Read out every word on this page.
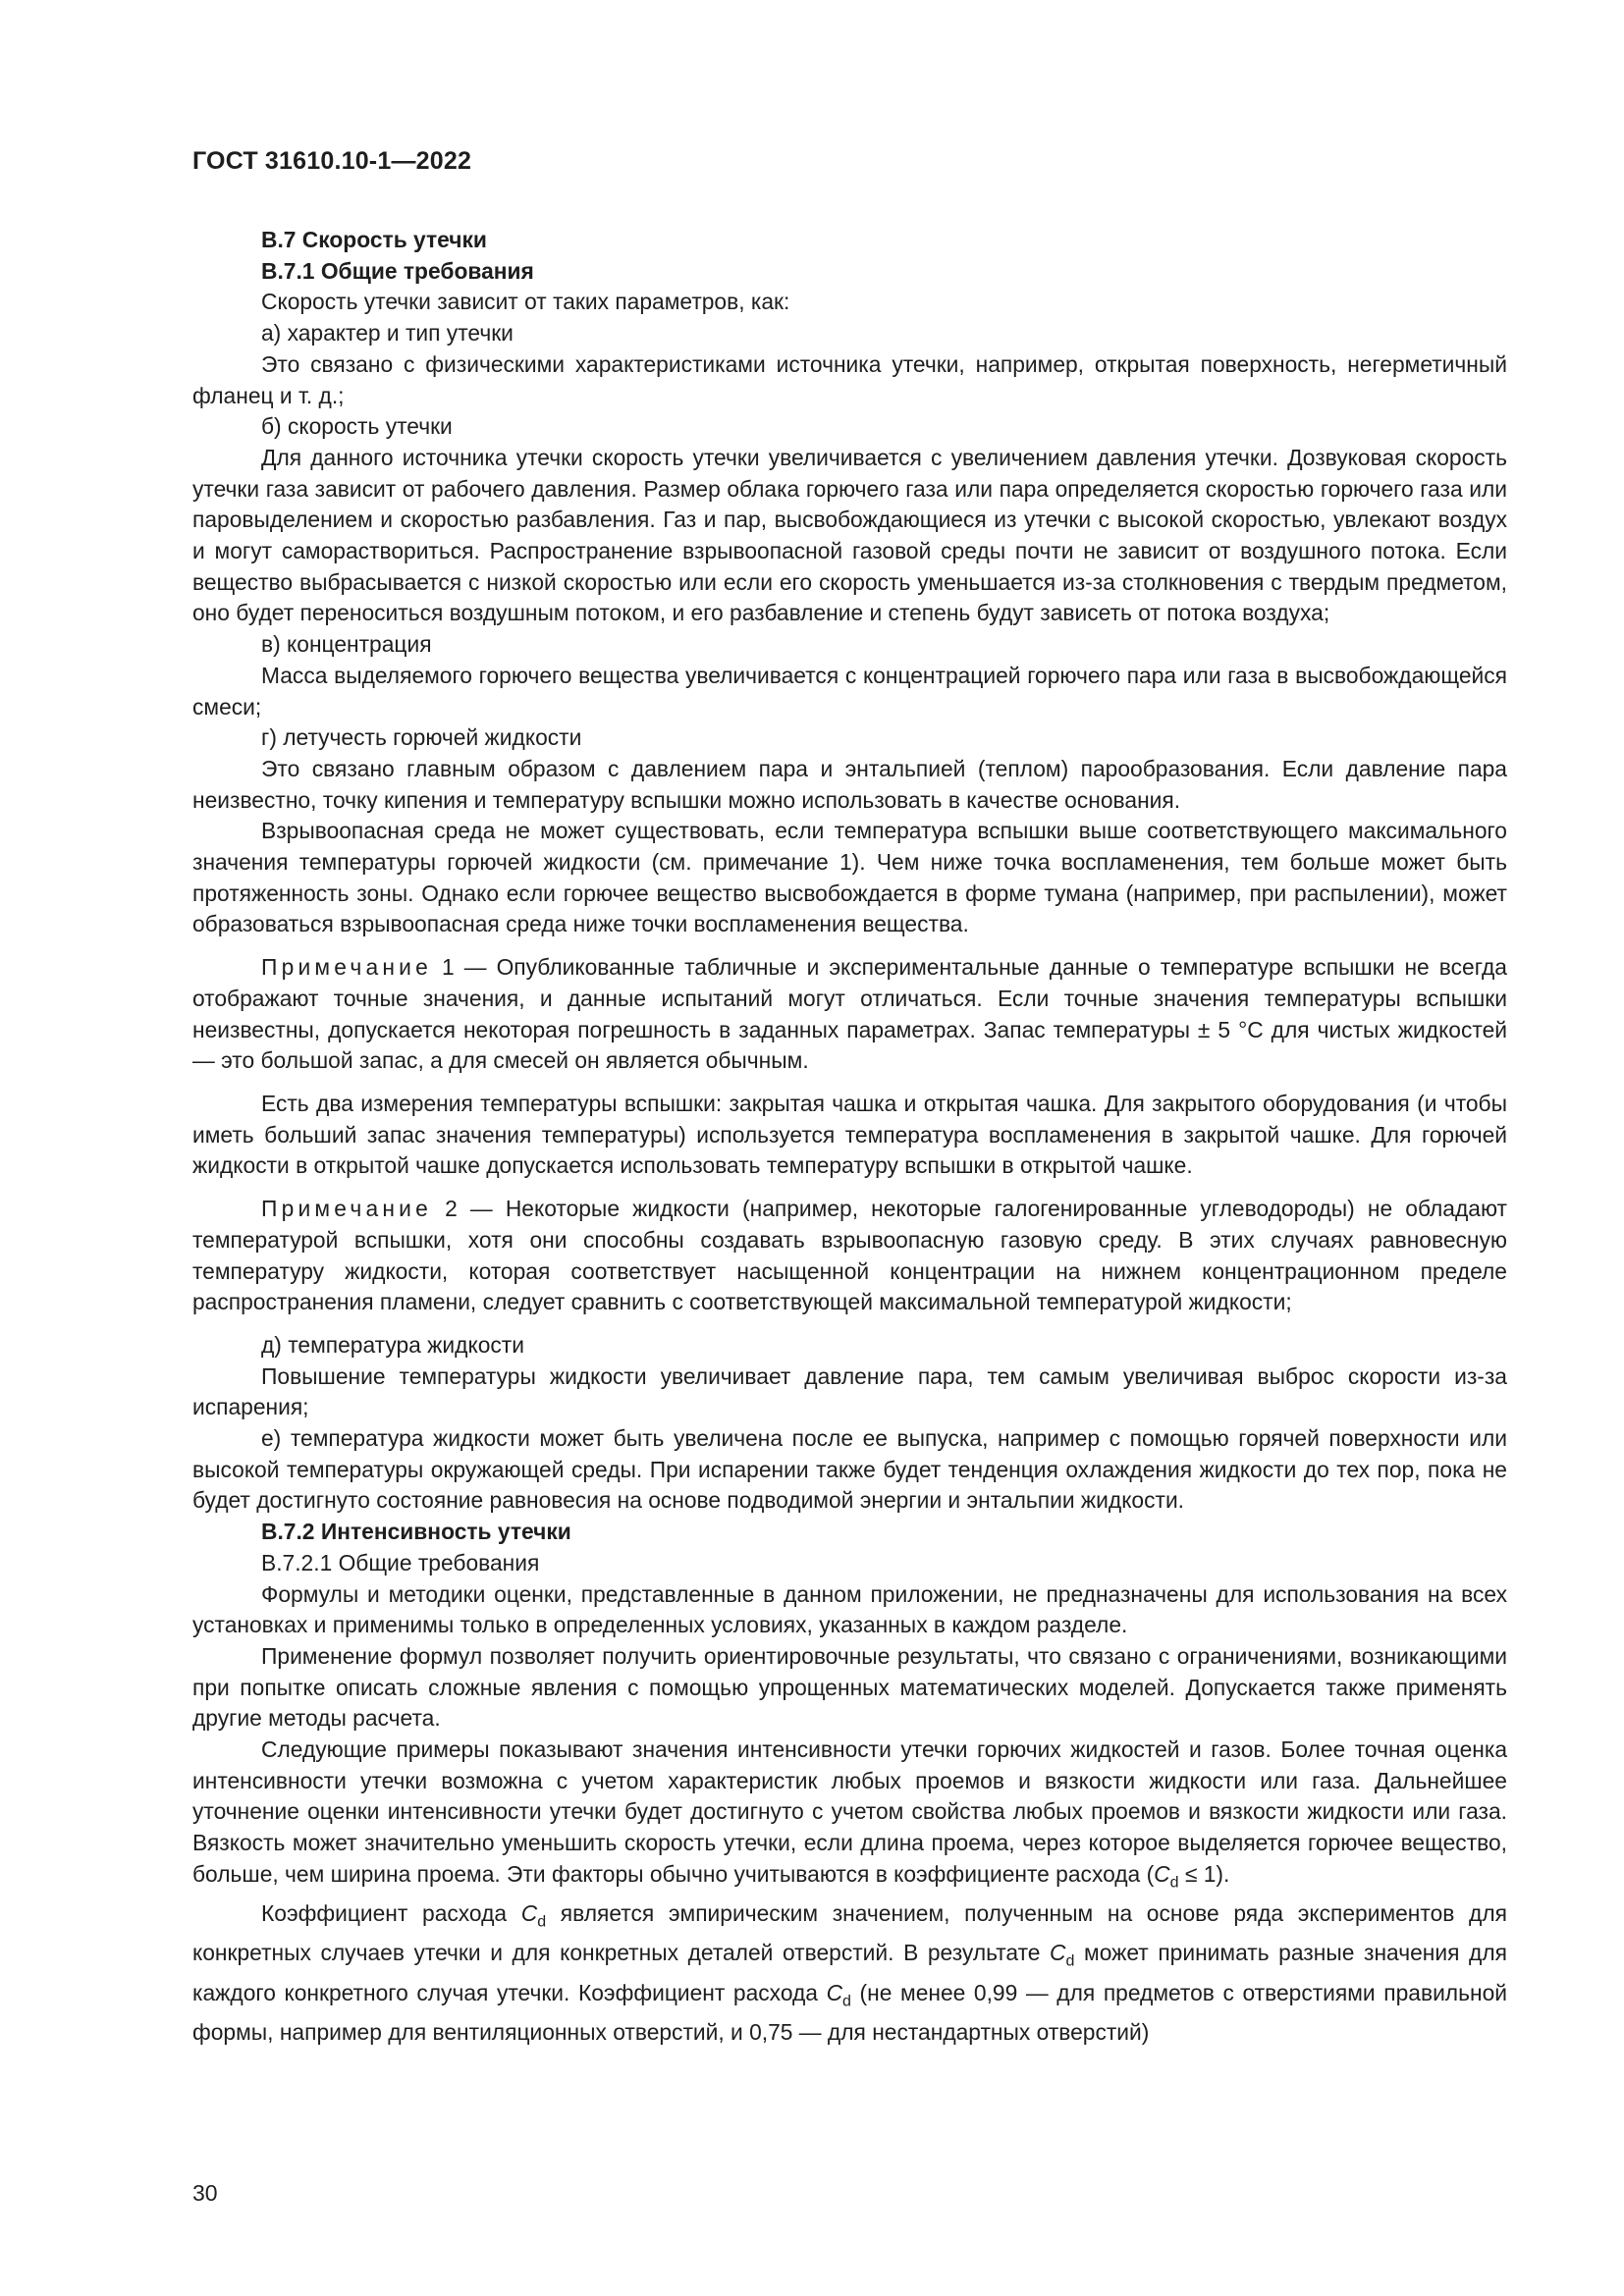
ГОСТ 31610.10-1—2022

В.7 Скорость утечки

В.7.1 Общие требования

Скорость утечки зависит от таких параметров, как:

а) характер и тип утечки

Это связано с физическими характеристиками источника утечки, например, открытая поверхность, негерметичный фланец и т. д.;

б) скорость утечки

Для данного источника утечки скорость утечки увеличивается с увеличением давления утечки. Дозвуковая скорость утечки газа зависит от рабочего давления. Размер облака горючего газа или пара определяется скоростью горючего газа или паровыделением и скоростью разбавления. Газ и пар, высвобождающиеся из утечки с высокой скоростью, увлекают воздух и могут самораствориться. Распространение взрывоопасной газовой среды почти не зависит от воздушного потока. Если вещество выбрасывается с низкой скоростью или если его скорость уменьшается из-за столкновения с твердым предметом, оно будет переноситься воздушным потоком, и его разбавление и степень будут зависеть от потока воздуха;

в) концентрация

Масса выделяемого горючего вещества увеличивается с концентрацией горючего пара или газа в высвобождающейся смеси;

г) летучесть горючей жидкости

Это связано главным образом с давлением пара и энтальпией (теплом) парообразования. Если давление пара неизвестно, точку кипения и температуру вспышки можно использовать в качестве основания.

Взрывоопасная среда не может существовать, если температура вспышки выше соответствующего максимального значения температуры горючей жидкости (см. примечание 1). Чем ниже точка воспламенения, тем больше может быть протяженность зоны. Однако если горючее вещество высвобождается в форме тумана (например, при распылении), может образоваться взрывоопасная среда ниже точки воспламенения вещества.

Примечание 1 — Опубликованные табличные и экспериментальные данные о температуре вспышки не всегда отображают точные значения, и данные испытаний могут отличаться. Если точные значения температуры вспышки неизвестны, допускается некоторая погрешность в заданных параметрах. Запас температуры ± 5 °С для чистых жидкостей — это большой запас, а для смесей он является обычным.

Есть два измерения температуры вспышки: закрытая чашка и открытая чашка. Для закрытого оборудования (и чтобы иметь больший запас значения температуры) используется температура воспламенения в закрытой чашке. Для горючей жидкости в открытой чашке допускается использовать температуру вспышки в открытой чашке.

Примечание 2 — Некоторые жидкости (например, некоторые галогенированные углеводороды) не обладают температурой вспышки, хотя они способны создавать взрывоопасную газовую среду. В этих случаях равновесную температуру жидкости, которая соответствует насыщенной концентрации на нижнем концентрационном пределе распространения пламени, следует сравнить с соответствующей максимальной температурой жидкости;

д) температура жидкости

Повышение температуры жидкости увеличивает давление пара, тем самым увеличивая выброс скорости из-за испарения;

е) температура жидкости может быть увеличена после ее выпуска, например с помощью горячей поверхности или высокой температуры окружающей среды. При испарении также будет тенденция охлаждения жидкости до тех пор, пока не будет достигнуто состояние равновесия на основе подводимой энергии и энтальпии жидкости.

В.7.2 Интенсивность утечки

В.7.2.1 Общие требования

Формулы и методики оценки, представленные в данном приложении, не предназначены для использования на всех установках и применимы только в определенных условиях, указанных в каждом разделе.

Применение формул позволяет получить ориентировочные результаты, что связано с ограничениями, возникающими при попытке описать сложные явления с помощью упрощенных математических моделей. Допускается также применять другие методы расчета.

Следующие примеры показывают значения интенсивности утечки горючих жидкостей и газов. Более точная оценка интенсивности утечки возможна с учетом характеристик любых проемов и вязкости жидкости или газа. Дальнейшее уточнение оценки интенсивности утечки будет достигнуто с учетом свойства любых проемов и вязкости жидкости или газа. Вязкость может значительно уменьшить скорость утечки, если длина проема, через которое выделяется горючее вещество, больше, чем ширина проема. Эти факторы обычно учитываются в коэффициенте расхода $(C_d \le 1)$.

Коэффициент расхода $C_d$ является эмпирическим значением, полученным на основе ряда экспериментов для конкретных случаев утечки и для конкретных деталей отверстий. В результате $C_d$ может принимать разные значения для каждого конкретного случая утечки. Коэффициент расхода $C_d$ (не менее 0,99 — для предметов с отверстиями правильной формы, например для вентиляционных отверстий, и 0,75 — для нестандартных отверстий)

30
